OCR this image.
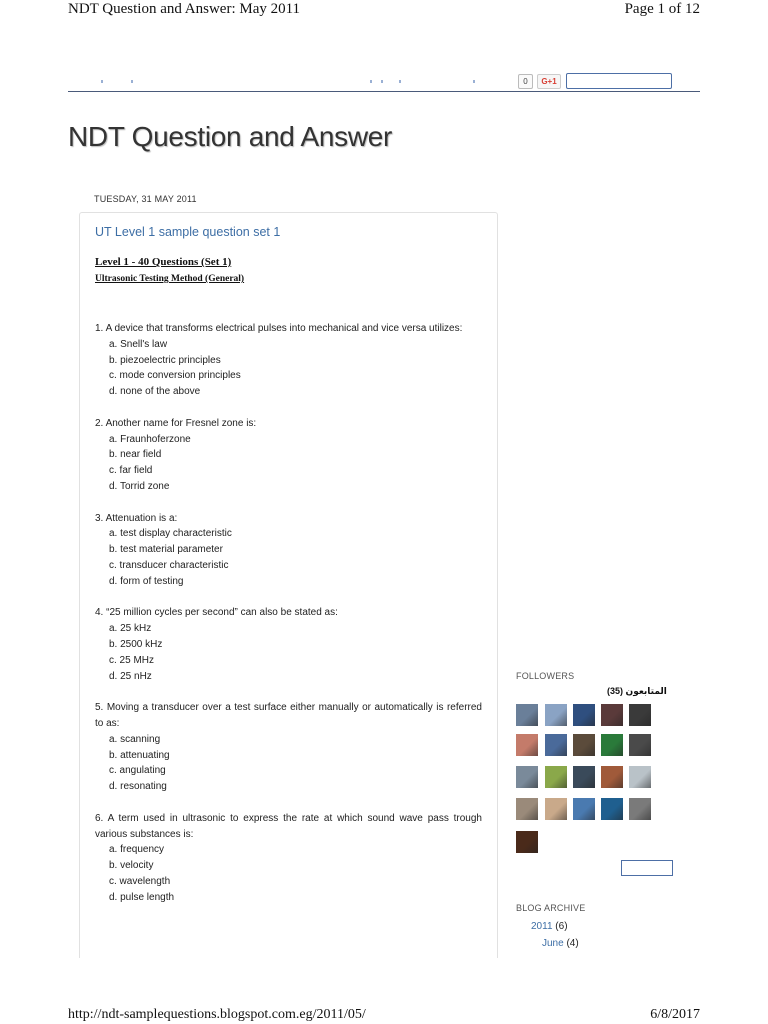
NDT Question and Answer: May 2011	Page 1 of 12
http://ndt-samplequestions.blogspot.com.eg/2011/05/	6/8/2017
0	G+1
NDT Question and Answer
TUESDAY, 31 MAY 2011
UT Level 1 sample question set 1
Level 1 - 40 Questions (Set 1)
Ultrasonic Testing Method (General)
1. A device that transforms electrical pulses into mechanical and vice versa utilizes:
a. Snell's law
b. piezoelectric principles
c. mode conversion principles
d. none of the above
2. Another name for Fresnel zone is:
a. Fraunhoferzone
b. near field
c. far field
d. Torrid zone
3. Attenuation is a:
a. test display characteristic
b. test material parameter
c. transducer characteristic
d. form of testing
4. “25 million cycles per second” can also be stated as:
a. 25 kHz
b. 2500 kHz
c. 25 MHz
d. 25 nHz
5. Moving a transducer over a test surface either manually or automatically is referred to as:
a. scanning
b. attenuating
c. angulating
d. resonating
6. A term used in ultrasonic to express the rate at which sound wave pass trough various substances is:
a. frequency
b. velocity
c. wavelength
d. pulse length
FOLLOWERS
المتابعون (35)
BLOG ARCHIVE
2011 (6)
June (4)
